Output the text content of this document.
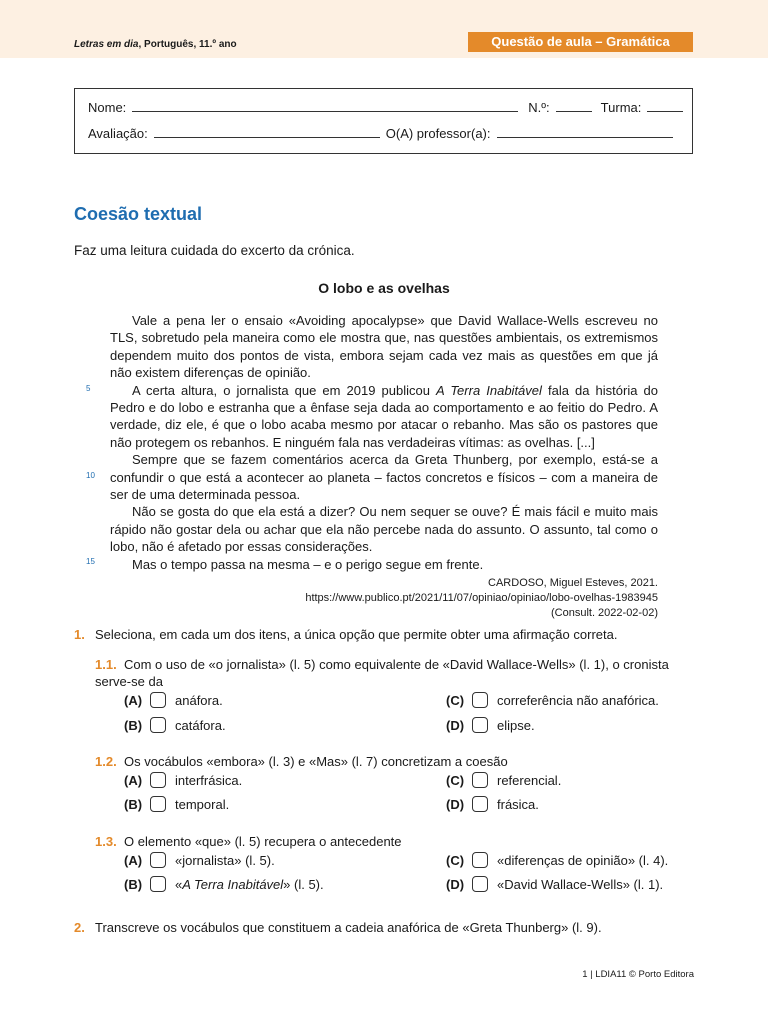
Letras em dia, Português, 11.º ano	Questão de aula – Gramática
Nome:	N.º:	Turma:
Avaliação:	O(A) professor(a):
Coesão textual
Faz uma leitura cuidada do excerto da crónica.
O lobo e as ovelhas

Vale a pena ler o ensaio «Avoiding apocalypse» que David Wallace-Wells escreveu no TLS, sobretudo pela maneira como ele mostra que, nas questões ambientais, os extremismos dependem muito dos pontos de vista, embora sejam cada vez mais as questões em que já não existem diferenças de opinião.

A certa altura, o jornalista que em 2019 publicou A Terra Inabitável fala da história do Pedro e do lobo e estranha que a ênfase seja dada ao comportamento e ao feitio do Pedro. A verdade, diz ele, é que o lobo acaba mesmo por atacar o rebanho. Mas são os pastores que não protegem os rebanhos. E ninguém fala nas verdadeiras vítimas: as ovelhas. [...]

Sempre que se fazem comentários acerca da Greta Thunberg, por exemplo, está-se a confundir o que está a acontecer ao planeta – factos concretos e físicos – com a maneira de ser de uma determinada pessoa.

Não se gosta do que ela está a dizer? Ou nem sequer se ouve? É mais fácil e muito mais rápido não gostar dela ou achar que ela não percebe nada do assunto. O assunto, tal como o lobo, não é afetado por essas considerações.

Mas o tempo passa na mesma – e o perigo segue em frente.

5
10
15
CARDOSO, Miguel Esteves, 2021. https://www.publico.pt/2021/11/07/opiniao/opiniao/lobo-ovelhas-1983945 (Consult. 2022-02-02)
1. Seleciona, em cada um dos itens, a única opção que permite obter uma afirmação correta.
1.1. Com o uso de «o jornalista» (l. 5) como equivalente de «David Wallace-Wells» (l. 1), o cronista serve-se da
(A)	anáfora.
(B)	catáfora.
(C)	correferência não anafórica.
(D)	elipse.
1.2. Os vocábulos «embora» (l. 3) e «Mas» (l. 7) concretizam a coesão
(A)	interfrásica.
(B)	temporal.
(C)	referencial.
(D)	frásica.
1.3. O elemento «que» (l. 5) recupera o antecedente
(A)	«jornalista» (l. 5).
(B)	« A Terra Inabitável » (l. 5).
(C)	«diferenças de opinião» (l. 4).
(D)	«David Wallace-Wells» (l. 1).
2. Transcreve os vocábulos que constituem a cadeia anafórica de «Greta Thunberg» (l. 9).
1 | LDIA11 © Porto Editora
